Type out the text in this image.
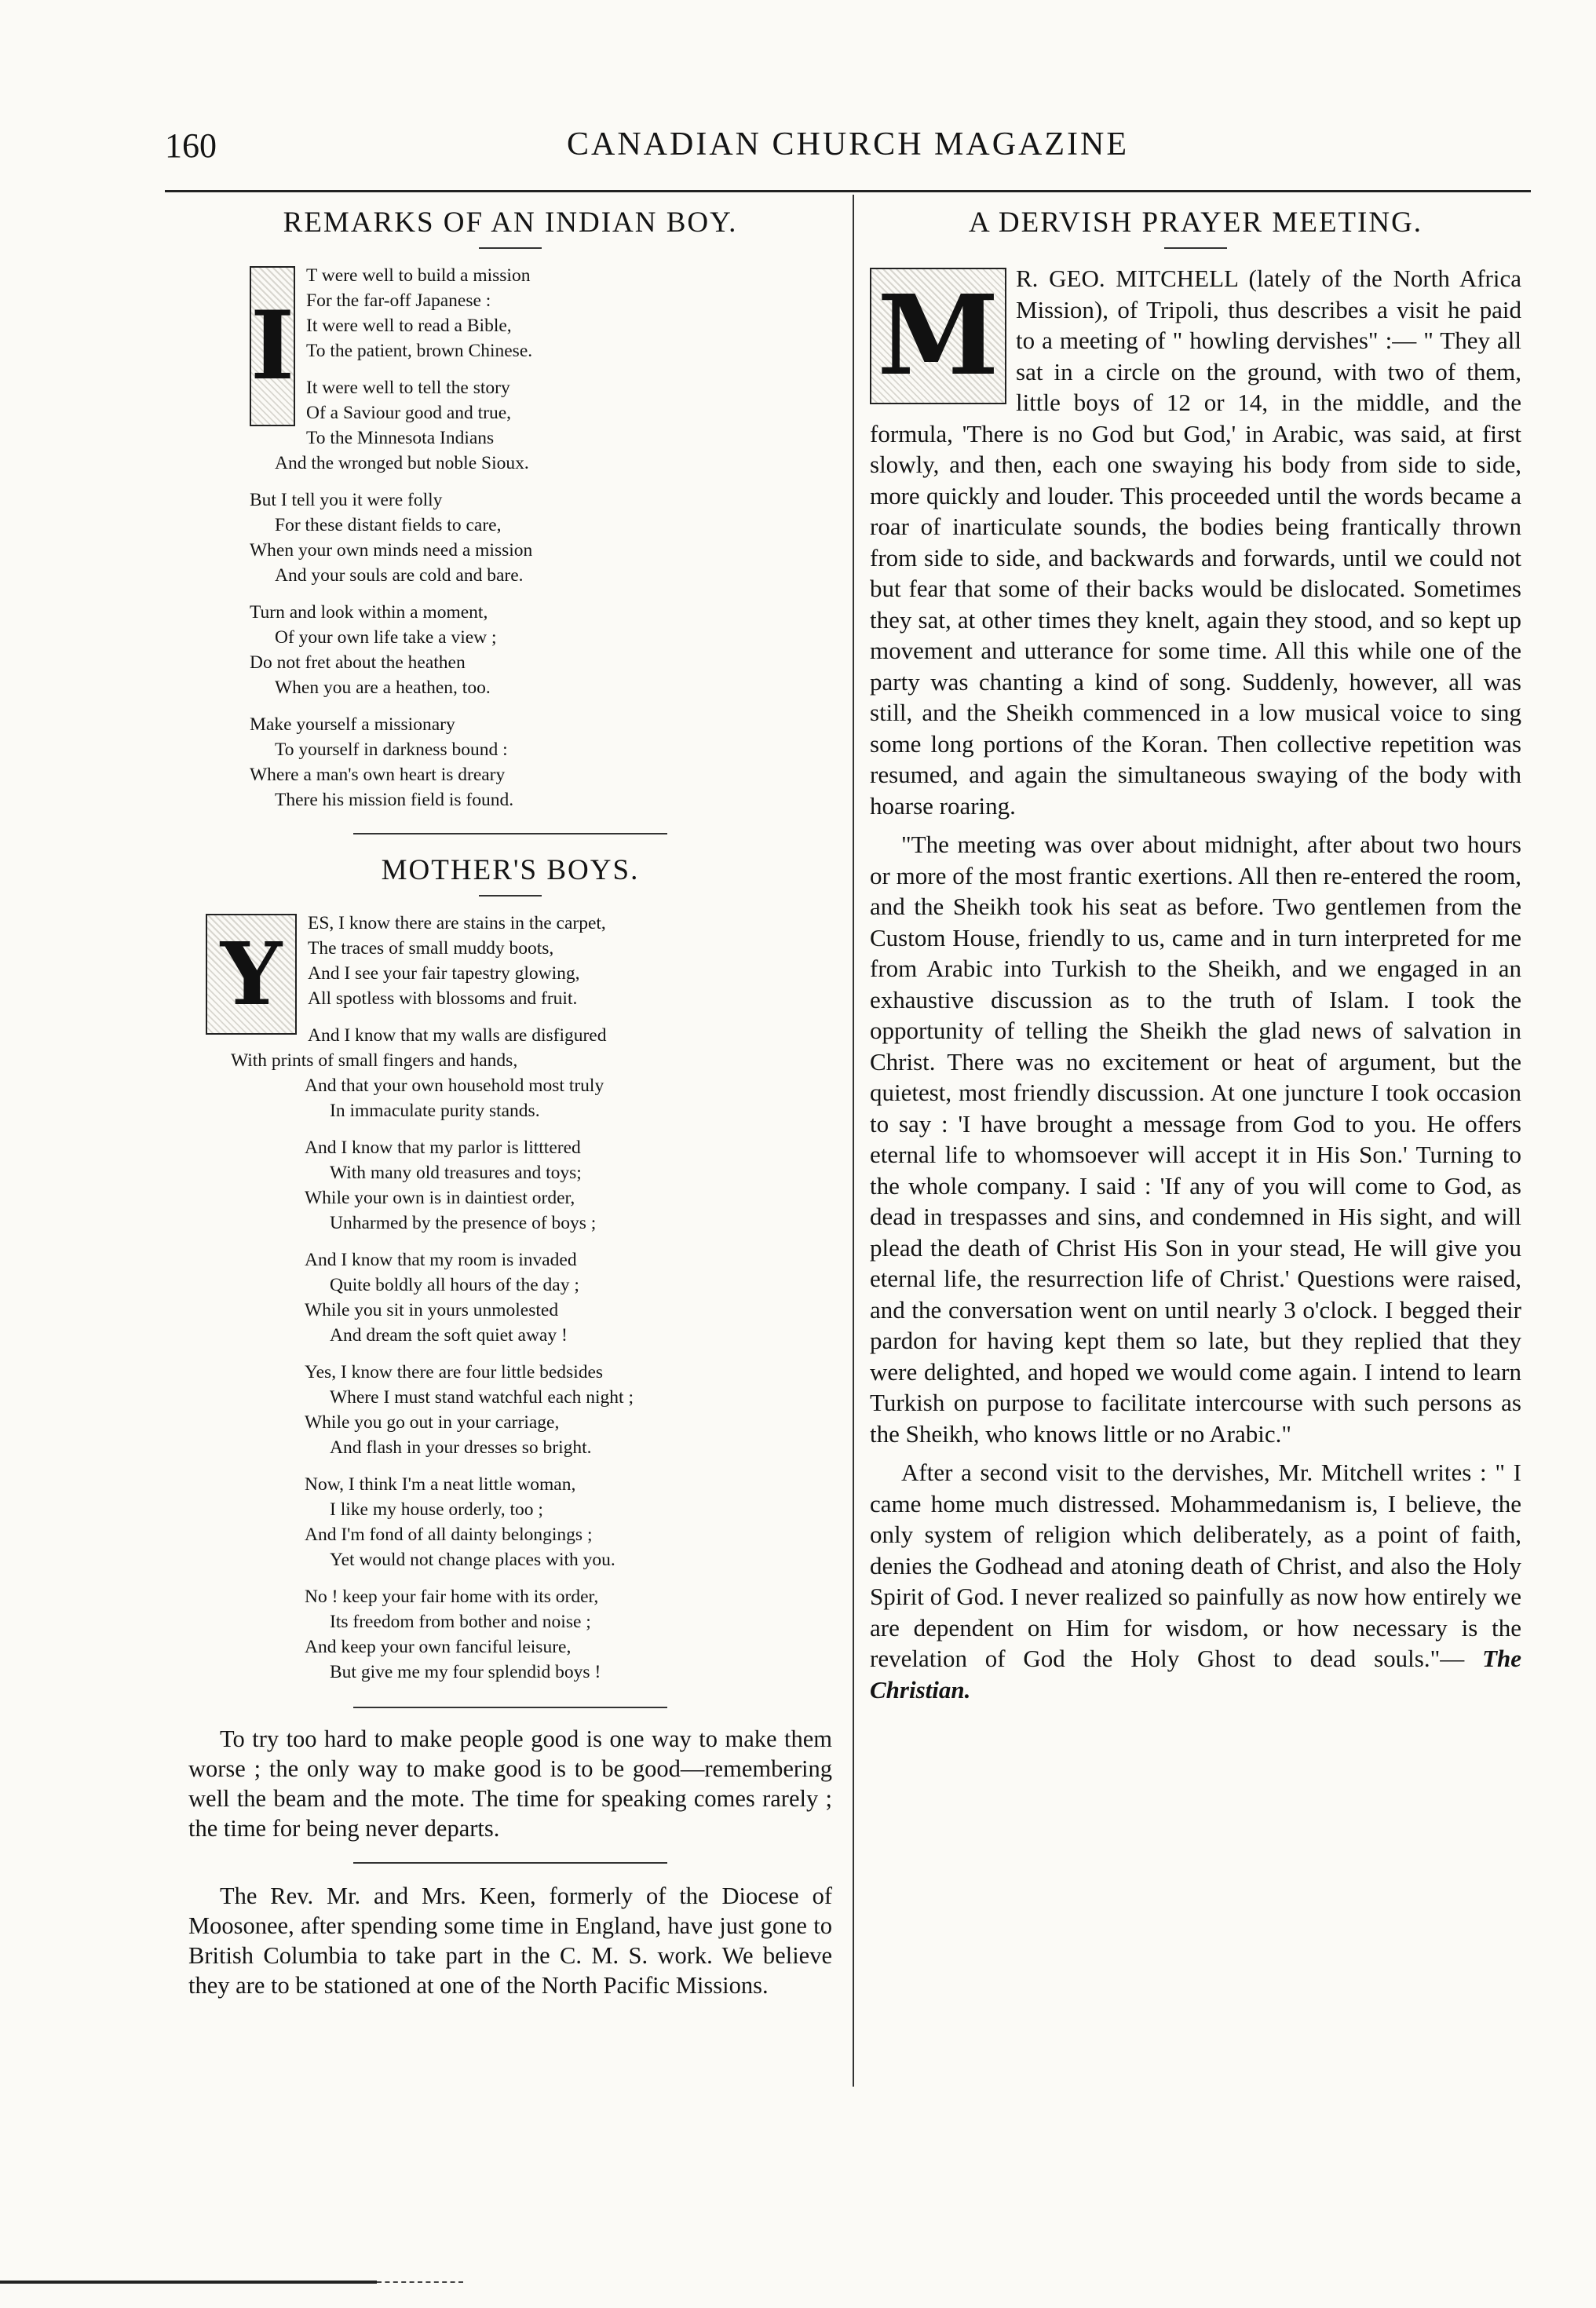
160	CANADIAN CHURCH MAGAZINE
REMARKS OF AN INDIAN BOY.
I
T were well to build a mission
For the far-off Japanese :
It were well to read a Bible,
To the patient, brown Chinese.
It were well to tell the story
Of a Saviour good and true,
To the Minnesota Indians
And the wronged but noble Sioux.
But I tell you it were folly
For these distant fields to care,
When your own minds need a mission
And your souls are cold and bare.
Turn and look within a moment,
Of your own life take a view ;
Do not fret about the heathen
When you are a heathen, too.
Make yourself a missionary
To yourself in darkness bound :
Where a man's own heart is dreary
There his mission field is found.
MOTHER'S BOYS.
Y	ES, I know there are stains in the carpet,
The traces of small muddy boots,
And I see your fair tapestry glowing,
All spotless with blossoms and fruit.
And I know that my walls are disfigured
With prints of small fingers and hands,
And that your own household most truly
In immaculate purity stands.
And I know that my parlor is litttered
With many old treasures and toys;
While your own is in daintiest order,
Unharmed by the presence of boys ;
And I know that my room is invaded
Quite boldly all hours of the day ;
While you sit in yours unmolested
And dream the soft quiet away !
Yes, I know there are four little bedsides
Where I must stand watchful each night ;
While you go out in your carriage,
And flash in your dresses so bright.
Now, I think I'm a neat little woman,
I like my house orderly, too ;
And I'm fond of all dainty belongings ;
Yet would not change places with you.
No ! keep your fair home with its order,
Its freedom from bother and noise ;
And keep your own fanciful leisure,
But give me my four splendid boys !

To try too hard to make people good is one way to make them worse ; the only way to make good is to be good—remembering well the beam and the mote. The time for speaking comes rarely ; the time for being never departs.

The Rev. Mr. and Mrs. Keen, formerly of the Diocese of Moosonee, after spending some time in England, have just gone to British Columbia to take part in the C. M. S. work. We believe they are to be stationed at one of the North Pacific Missions.

A DERVISH PRAYER MEETING.
M R. GEO. MITCHELL (lately of the North Africa Mission), of Tripoli, thus describes a visit he paid to a meeting of " howling dervishes" :— " They all sat in a circle on the ground, with two of them, little boys of 12 or 14, in the middle, and the formula, 'There is no God but God,' in Arabic, was said, at first slowly, and then, each one swaying his body from side to side, more quickly and louder. This proceeded until the words became a roar of inarticulate sounds, the bodies being frantically thrown from side to side, and backwards and forwards, until we could not but fear that some of their backs would be dislocated. Sometimes they sat, at other times they knelt, again they stood, and so kept up movement and utterance for some time. All this while one of the party was chanting a kind of song. Suddenly, however, all was still, and the Sheikh commenced in a low musical voice to sing some long portions of the Koran. Then collective repetition was resumed, and again the simultaneous swaying of the body with hoarse roaring.

"The meeting was over about midnight, after about two hours or more of the most frantic exertions. All then re-entered the room, and the Sheikh took his seat as before. Two gentlemen from the Custom House, friendly to us, came and in turn interpreted for me from Arabic into Turkish to the Sheikh, and we engaged in an exhaustive discussion as to the truth of Islam. I took the opportunity of telling the Sheikh the glad news of salvation in Christ. There was no excitement or heat of argument, but the quietest, most friendly discussion. At one juncture I took occasion to say : 'I have brought a message from God to you. He offers eternal life to whomsoever will accept it in His Son.' Turning to the whole company. I said : 'If any of you will come to God, as dead in trespasses and sins, and condemned in His sight, and will plead the death of Christ His Son in your stead, He will give you eternal life, the resurrection life of Christ.' Questions were raised, and the conversation went on until nearly 3 o'clock. I begged their pardon for having kept them so late, but they replied that they were delighted, and hoped we would come again. I intend to learn Turkish on purpose to facilitate intercourse with such persons as the Sheikh, who knows little or no Arabic."

After a second visit to the dervishes, Mr. Mitchell writes : " I came home much distressed. Mohammedanism is, I believe, the only system of religion which deliberately, as a point of faith, denies the Godhead and atoning death of Christ, and also the Holy Spirit of God. I never realized so painfully as now how entirely we are dependent on Him for wisdom, or how necessary is the revelation of God the Holy Ghost to dead souls."— The Christian.
